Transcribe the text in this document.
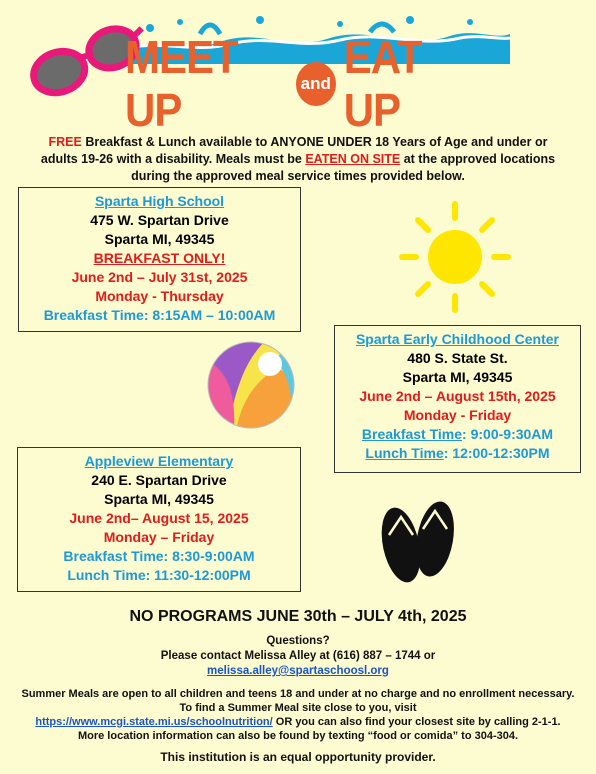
MEET UP
and
EAT UP
FREE Breakfast & Lunch available to ANYONE UNDER 18 Years of Age and under or adults 19-26 with a disability. Meals must be EATEN ON SITE at the approved locations during the approved meal service times provided below.
Sparta High School
475 W. Spartan Drive
Sparta MI, 49345
BREAKFAST ONLY!
June 2nd – July 31st, 2025
Monday - Thursday
Breakfast Time: 8:15AM – 10:00AM
Sparta Early Childhood Center
480 S. State St.
Sparta MI, 49345
June 2nd – August 15th, 2025
Monday - Friday
Breakfast Time: 9:00-9:30AM
Lunch Time: 12:00-12:30PM
Appleview Elementary
240 E. Spartan Drive
Sparta MI, 49345
June 2nd– August 15, 2025
Monday – Friday
Breakfast Time: 8:30-9:00AM
Lunch Time: 11:30-12:00PM
NO PROGRAMS JUNE 30th – JULY 4th, 2025
Questions?
Please contact Melissa Alley at (616) 887 – 1744 or
melissa.alley@spartaschoosl.org
Summer Meals are open to all children and teens 18 and under at no charge and no enrollment necessary. To find a Summer Meal site close to you, visit
https://www.mcgi.state.mi.us/schoolnutrition/ OR you can also find your closest site by calling 2-1-1.
More location information can also be found by texting “food or comida” to 304-304.
This institution is an equal opportunity provider.
